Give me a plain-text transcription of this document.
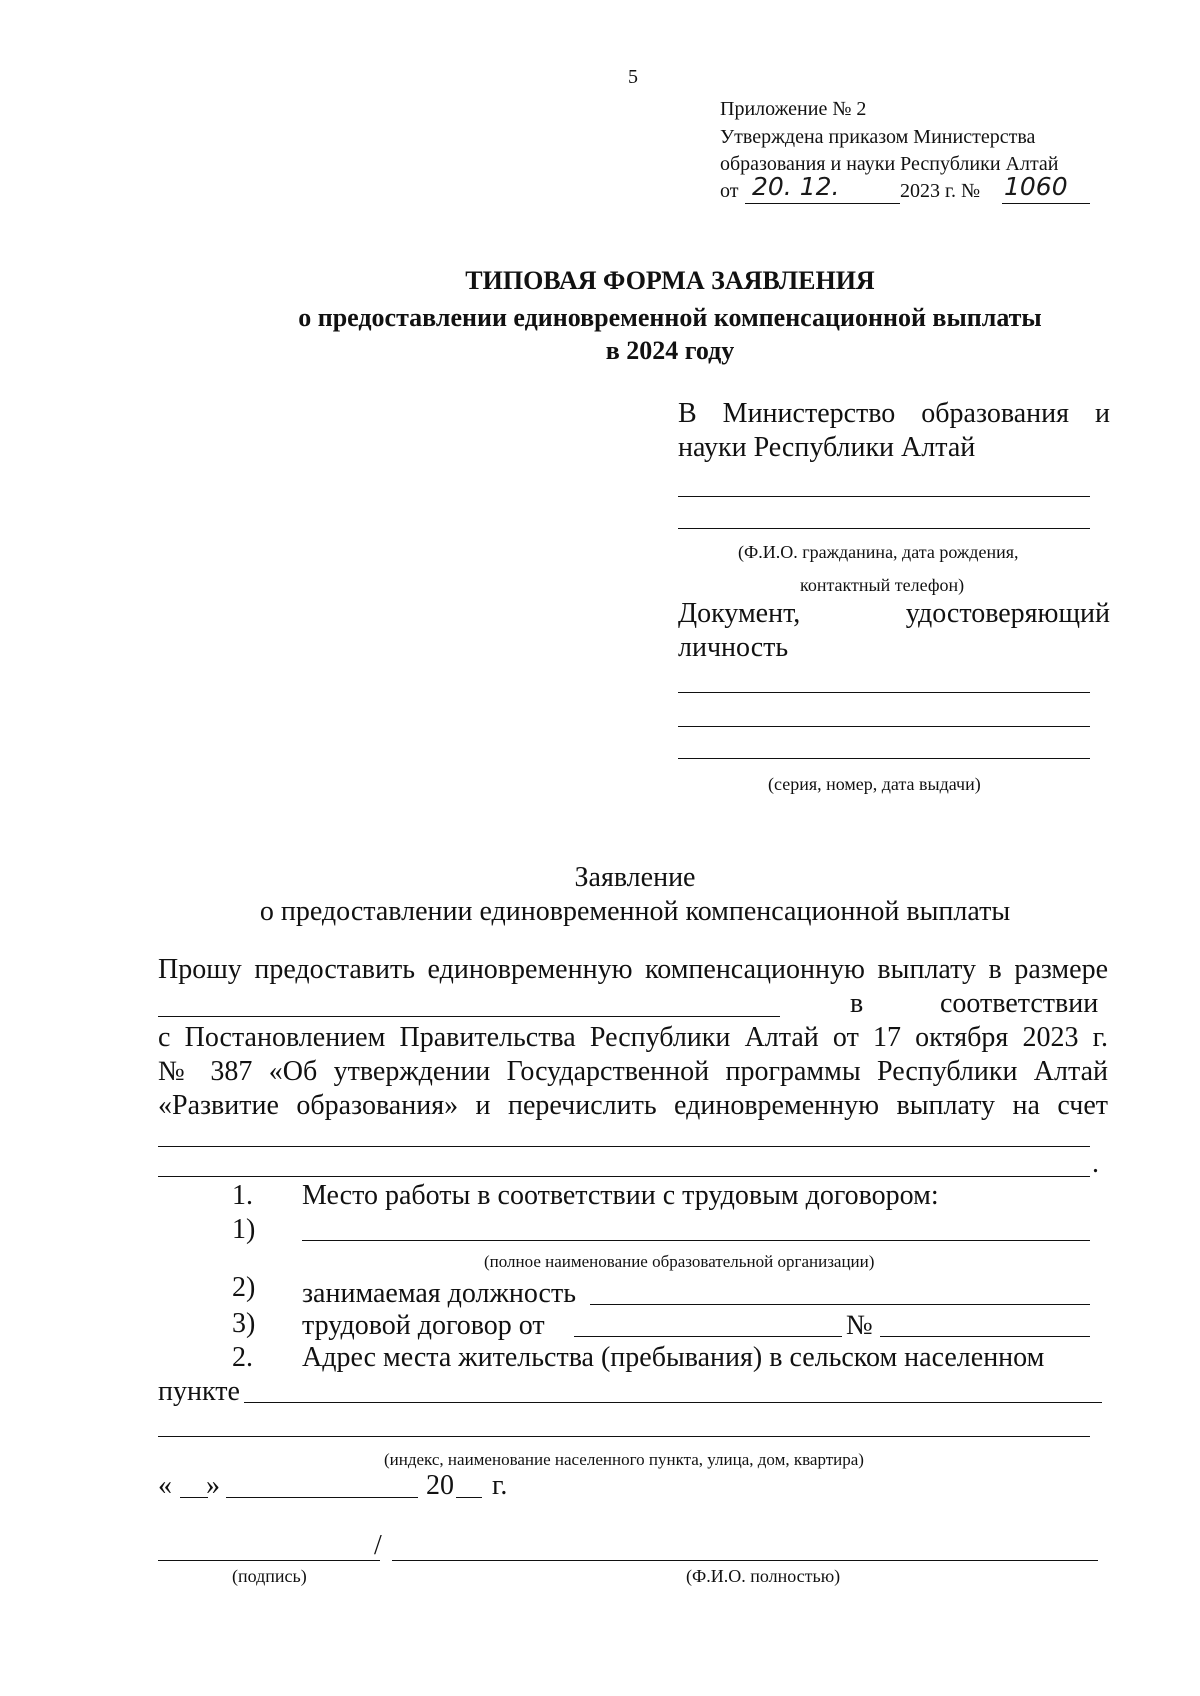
5
Приложение № 2
Утверждена приказом Министерства
образования и науки Республики Алтай
от 20. 12.	2023 г. № 1060
ТИПОВАЯ ФОРМА ЗАЯВЛЕНИЯ
о предоставлении единовременной компенсационной выплаты
в 2024 году
В Министерство образования и
науки Республики Алтай
(Ф.И.О. гражданина, дата рождения,
контактный телефон)
Документ, удостоверяющий
личность
(серия, номер, дата выдачи)
Заявление
о предоставлении единовременной компенсационной выплаты
Прошу предоставить единовременную компенсационную выплату в размере
в	соответствии
с Постановлением Правительства Республики Алтай от 17 октября 2023 г.
№ 387 «Об утверждении Государственной программы Республики Алтай
«Развитие образования» и перечислить единовременную выплату на счет
.
1. Место работы в соответствии с трудовым договором:
1)
(полное наименование образовательной организации)
2) занимаемая должность
3) трудовой договор от	№
2. Адрес места жительства (пребывания) в сельском населенном
пункте
(индекс, наименование населенного пункта, улица, дом, квартира)
« »	20 г.
/
(подпись)	(Ф.И.О. полностью)
